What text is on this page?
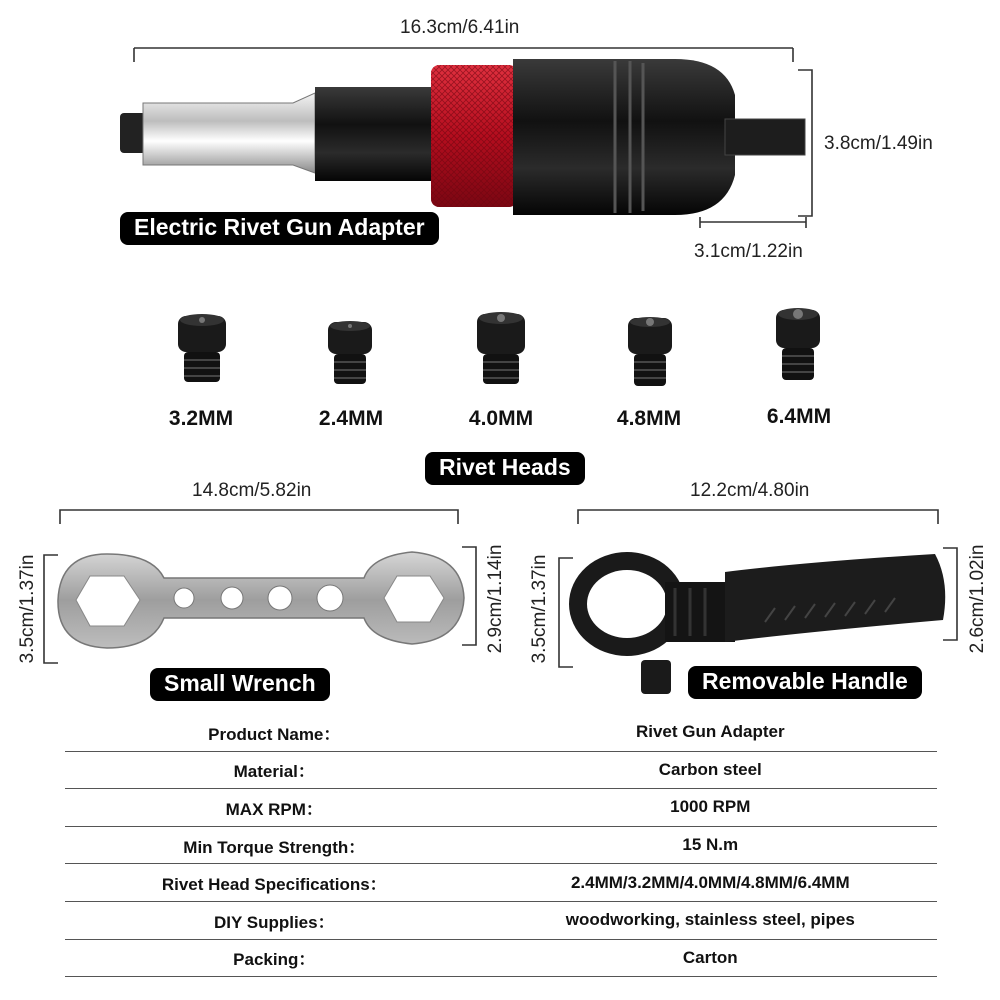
16.3cm/6.41in
3.8cm/1.49in
3.1cm/1.22in
Electric Rivet Gun Adapter
3.2MM	2.4MM	4.0MM	4.8MM	6.4MM
Rivet Heads
14.8cm/5.82in
3.5cm/1.37in	2.9cm/1.14in
Small Wrench
12.2cm/4.80in
3.5cm/1.37in	2.6cm/1.02in
Removable Handle
Product Name：	Rivet Gun Adapter
Material：	Carbon steel
MAX RPM：	1000 RPM
Min Torque Strength：	15 N.m
Rivet Head Specifications：	2.4MM/3.2MM/4.0MM/4.8MM/6.4MM
DIY Supplies：	woodworking, stainless steel, pipes
Packing：	Carton
